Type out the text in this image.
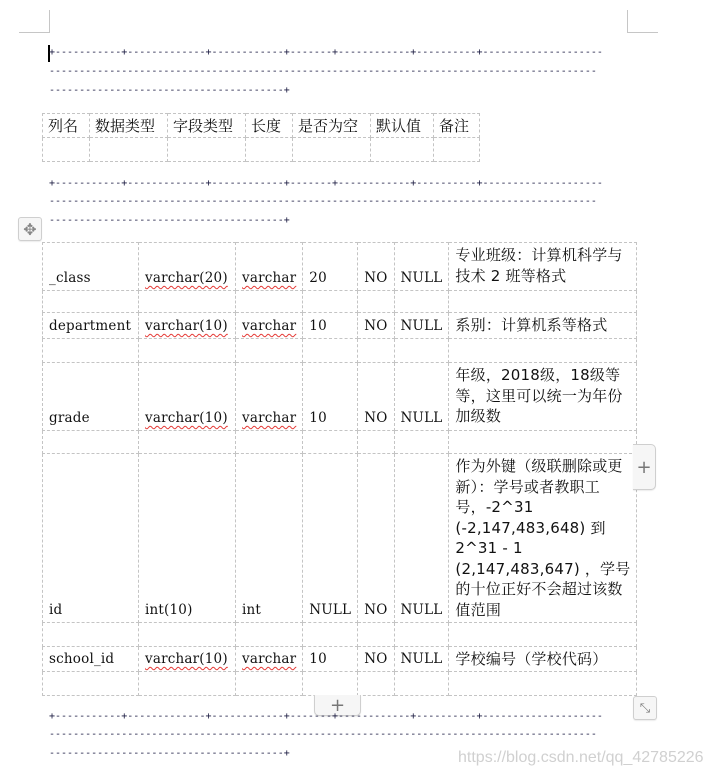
+-----------+-------------+------------+-------+------------+----------+--------------------
-------------------------------------------------------------------------------------------
---------------------------------------+
列名	数据类型	字段类型	长度	是否为空	默认值	备注

+-----------+-------------+------------+-------+------------+----------+--------------------
-------------------------------------------------------------------------------------------
---------------------------------------+
✥
_class	varchar(20)	varchar	20	NO	NULL	专业班级：计算机科学与技术 2 班等格式

department	varchar(10)	varchar	10	NO	NULL	系别：计算机系等格式

grade	varchar(10)	varchar	10	NO	NULL	年级，2018级，18级等等，这里可以统一为年份加级数

id	int(10)	int	NULL	NO	NULL	作为外键（级联删除或更新）：学号或者教职工号，-2^31 (-2,147,483,648) 到 2^31 - 1 (2,147,483,647) ，学号的十位正好不会超过该数值范围

school_id	varchar(10)	varchar	10	NO	NULL	学校编号（学校代码）

+
+	⤡
+-----------+-------------+------------+-------+------------+----------+--------------------
-------------------------------------------------------------------------------------------
---------------------------------------+	https://blog.csdn.net/qq_42785226
